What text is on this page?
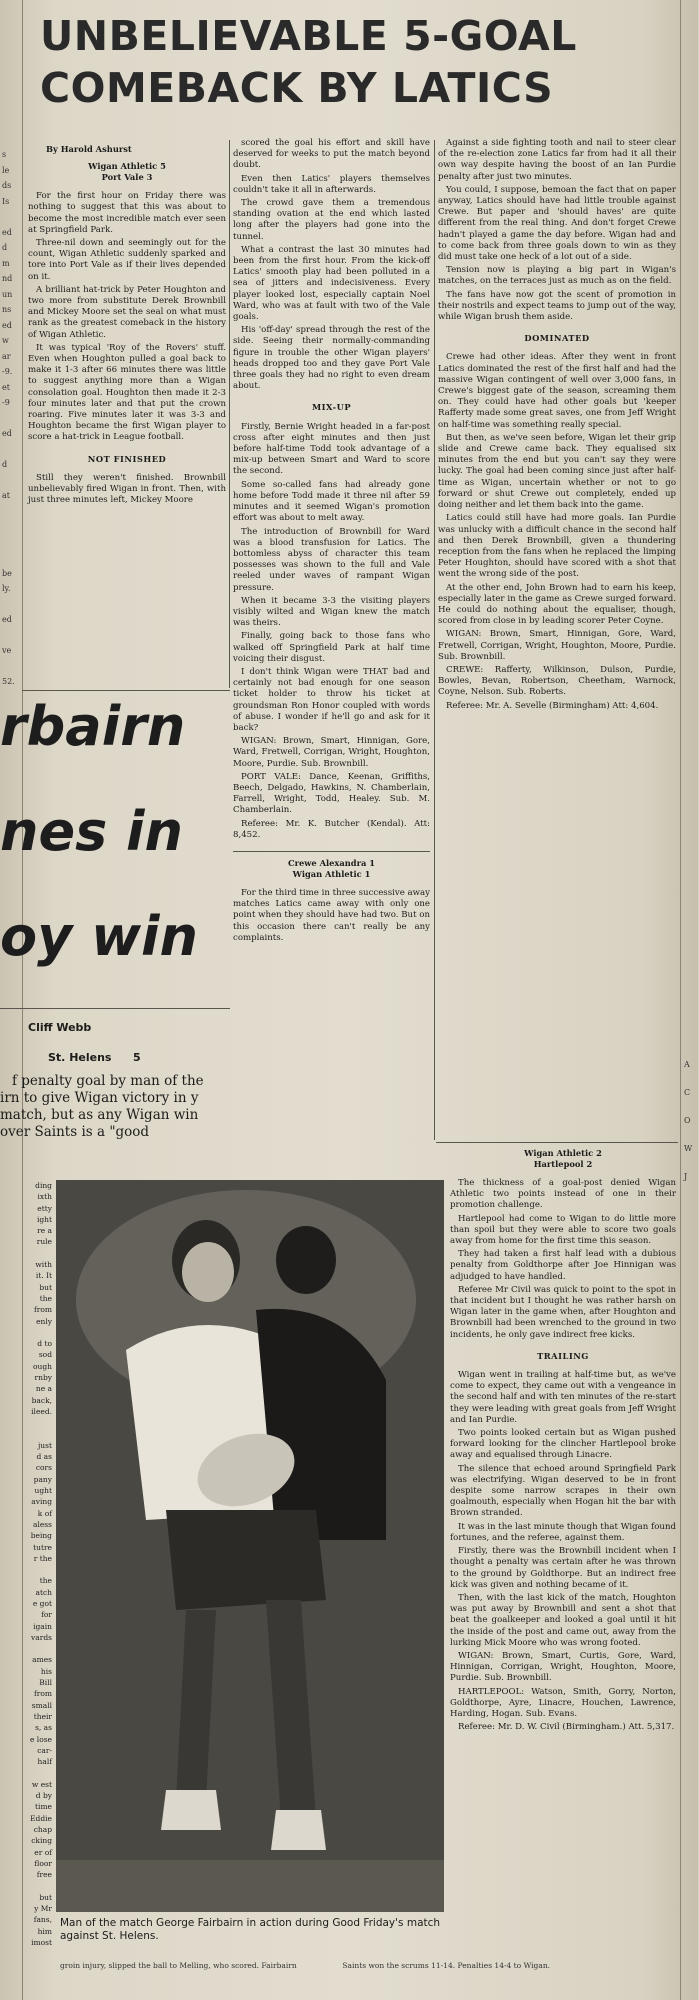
UNBELIEVABLE 5-GOAL
COMEBACK BY LATICS

By Harold Ashurst

Wigan Athletic 5
Port Vale 3

For the first hour on Friday there was nothing to suggest that this was about to become the most incredible match ever seen at Springfield Park.

Three-nil down and seemingly out for the count, Wigan Athletic suddenly sparked and tore into Port Vale as if their lives depended on it.

A brilliant hat-trick by Peter Houghton and two more from substitute Derek Brownbill and Mickey Moore set the seal on what must rank as the greatest comeback in the history of Wigan Athletic.

It was typical 'Roy of the Rovers' stuff. Even when Houghton pulled a goal back to make it 1-3 after 66 minutes there was little to suggest anything more than a Wigan consolation goal. Houghton then made it 2-3 four minutes later and that put the crown roaring. Five minutes later it was 3-3 and Houghton became the first Wigan player to score a hat-trick in League football.

NOT FINISHED

Still they weren't finished. Brownbill unbelievably fired Wigan in front. Then, with just three minutes left, Mickey Moore

scored the goal his effort and skill have deserved for weeks to put the match beyond doubt.

Even then Latics' players themselves couldn't take it all in afterwards.

The crowd gave them a tremendous standing ovation at the end which lasted long after the players had gone into the tunnel.

What a contrast the last 30 minutes had been from the first hour. From the kick-off Latics' smooth play had been polluted in a sea of jitters and indecisiveness. Every player looked lost, especially captain Noel Ward, who was at fault with two of the Vale goals.

His 'off-day' spread through the rest of the side. Seeing their normally-commanding figure in trouble the other Wigan players' heads dropped too and they gave Port Vale three goals they had no right to even dream about.

MIX-UP

Firstly, Bernie Wright headed in a far-post cross after eight minutes and then just before half-time Todd took advantage of a mix-up between Smart and Ward to score the second.

Some so-called fans had already gone home before Todd made it three nil after 59 minutes and it seemed Wigan's promotion effort was about to melt away.

The introduction of Brownbill for Ward was a blood transfusion for Latics. The bottomless abyss of character this team possesses was shown to the full and Vale reeled under waves of rampant Wigan pressure.

When it became 3-3 the visiting players visibly wilted and Wigan knew the match was theirs.

Finally, going back to those fans who walked off Springfield Park at half time voicing their disgust.

I don't think Wigan were THAT bad and certainly not bad enough for one season ticket holder to throw his ticket at groundsman Ron Honor coupled with words of abuse. I wonder if he'll go and ask for it back?

WIGAN: Brown, Smart, Hinnigan, Gore, Ward, Fretwell, Corrigan, Wright, Houghton, Moore, Purdie. Sub. Brownbill.

PORT VALE: Dance, Keenan, Griffiths, Beech, Delgado, Hawkins, N. Chamberlain, Farrell, Wright, Todd, Healey. Sub. M. Chamberlain.

Referee: Mr. K. Butcher (Kendal). Att: 8,452.

Crewe Alexandra 1
Wigan Athletic 1

For the third time in three successive away matches Latics came away with only one point when they should have had two. But on this occasion there can't really be any complaints.

Against a side fighting tooth and nail to steer clear of the re-election zone Latics far from had it all their own way despite having the boost of an Ian Purdie penalty after just two minutes.

You could, I suppose, bemoan the fact that on paper anyway, Latics should have had little trouble against Crewe. But paper and 'should haves' are quite different from the real thing. And don't forget Crewe hadn't played a game the day before. Wigan had and to come back from three goals down to win as they did must take one heck of a lot out of a side.

Tension now is playing a big part in Wigan's matches, on the terraces just as much as on the field.

The fans have now got the scent of promotion in their nostrils and expect teams to jump out of the way, while Wigan brush them aside.

DOMINATED

Crewe had other ideas. After they went in front Latics dominated the rest of the first half and had the massive Wigan contingent of well over 3,000 fans, in Crewe's biggest gate of the season, screaming them on. They could have had other goals but 'keeper Rafferty made some great saves, one from Jeff Wright on half-time was something really special.

But then, as we've seen before, Wigan let their grip slide and Crewe came back. They equalised six minutes from the end but you can't say they were lucky. The goal had been coming since just after half-time as Wigan, uncertain whether or not to go forward or shut Crewe out completely, ended up doing neither and let them back into the game.

Latics could still have had more goals. Ian Purdie was unlucky with a difficult chance in the second half and then Derek Brownbill, given a thundering reception from the fans when he replaced the limping Peter Houghton, should have scored with a shot that went the wrong side of the post.

At the other end, John Brown had to earn his keep, especially later in the game as Crewe surged forward. He could do nothing about the equaliser, though, scored from close in by leading scorer Peter Coyne.

WIGAN: Brown, Smart, Hinnigan, Gore, Ward, Fretwell, Corrigan, Wright, Houghton, Moore, Purdie. Sub. Brownbill.

CREWE: Rafferty, Wilkinson, Dulson, Purdie, Bowles, Bevan, Robertson, Cheetham, Warnock, Coyne, Nelson. Sub. Roberts.

Referee: Mr. A. Sevelle (Birmingham) Att: 4,604.

Wigan Athletic 2
Hartlepool 2

The thickness of a goal-post denied Wigan Athletic two points instead of one in their promotion challenge.

Hartlepool had come to Wigan to do little more than spoil but they were able to score two goals away from home for the first time this season.

They had taken a first half lead with a dubious penalty from Goldthorpe after Joe Hinnigan was adjudged to have handled.

Referee Mr Civil was quick to point to the spot in that incident but I thought he was rather harsh on Wigan later in the game when, after Houghton and Brownbill had been wrenched to the ground in two incidents, he only gave indirect free kicks.

TRAILING

Wigan went in trailing at half-time but, as we've come to expect, they came out with a vengeance in the second half and with ten minutes of the re-start they were leading with great goals from Jeff Wright and Ian Purdie.

Two points looked certain but as Wigan pushed forward looking for the clincher Hartlepool broke away and equalised through Linacre.

The silence that echoed around Springfield Park was electrifying. Wigan deserved to be in front despite some narrow scrapes in their own goalmouth, especially when Hogan hit the bar with Brown stranded.

It was in the last minute though that Wigan found fortunes, and the referee, against them.

Firstly, there was the Brownbill incident when I thought a penalty was certain after he was thrown to the ground by Goldthorpe. But an indirect free kick was given and nothing became of it.

Then, with the last kick of the match, Houghton was put away by Brownbill and sent a shot that beat the goalkeeper and looked a goal until it hit the inside of the post and came out, away from the lurking Mick Moore who was wrong footed.

WIGAN: Brown, Smart, Curtis, Gore, Ward, Hinnigan, Corrigan, Wright, Houghton, Moore, Purdie. Sub. Brownbill.

HARTLEPOOL: Watson, Smith, Gorry, Norton, Goldthorpe, Ayre, Linacre, Houchen, Lawrence, Harding, Hogan. Sub. Evans.

Referee: Mr. D. W. Civil (Birmingham.) Att. 5,317.

rbairn
nes in
oy win
Cliff Webb
St. Helens 5
f penalty goal by man of the irn to give Wigan victory in y match, but as any Wigan win over Saints is a "good
ding
ixth
etty
ight
re a
rule

with
it. It
but
the
from
enly

d to
sod
ough
rnby
ne a
back,
ileed.

just
d as
cors
pany
ught
aving
k of
aless
being
tutre
r the

the
atch
e got
for
igain
vards

ames
his
Bill
from
small
their
s, as
e lose
car-
half

w est
d by
time
Eddie
chap
cking
er of
floor
free

but
y Mr
fans,
him
imost
Man of the match George Fairbairn in action during Good Friday's match against St. Helens.
groin injury, slipped the ball to Melling, who scored. Fairbairn	Saints won the scrums 11-14. Penalties 14-4 to Wigan.
s
le
ds
Is
ed
d
m
nd
un
ns
ed
w
ar
-9.
et
-9
ed
d
at
be
ly.
ed
ve
52.
A
C
O
W
J
